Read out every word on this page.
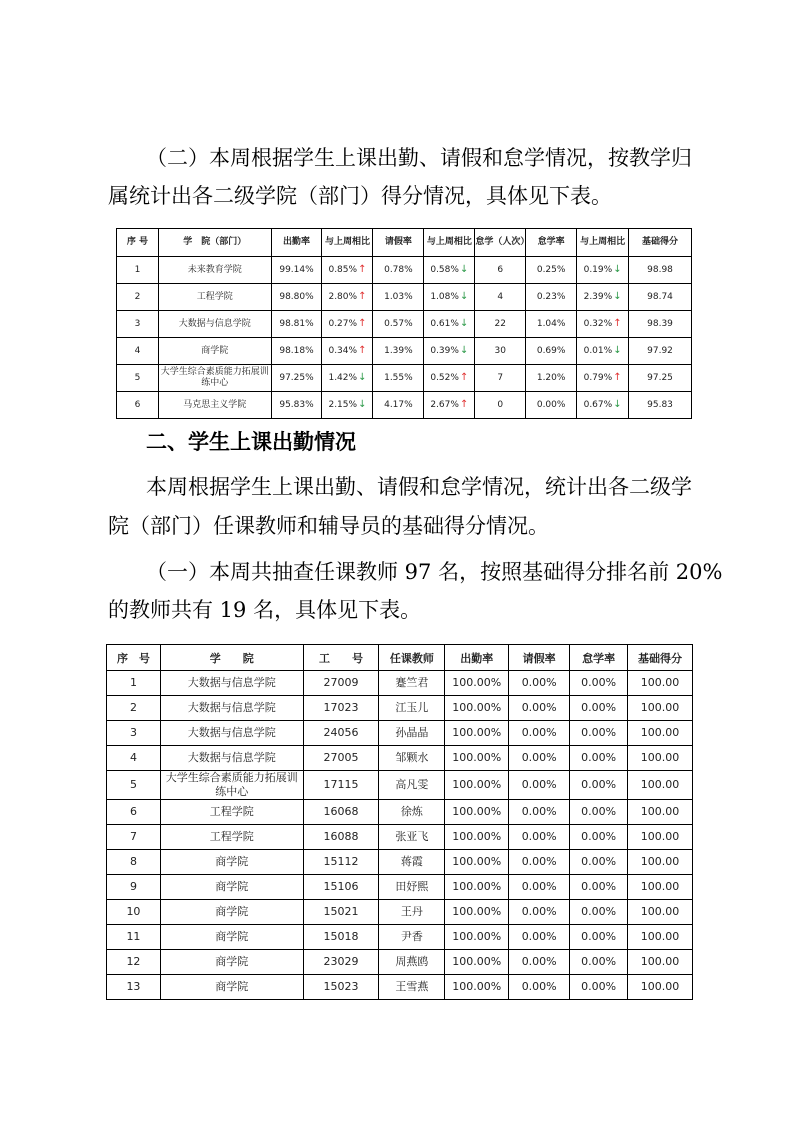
（二）本周根据学生上课出勤、请假和怠学情况，按教学归
属统计出各二级学院（部门）得分情况，具体见下表。
序 号	学　院（部门）	出勤率	与上周相比	请假率	与上周相比	怠学（人次）	怠学率	与上周相比	基础得分
1	未来教育学院	99.14%	0.85%↑	0.78%	0.58%↓	6	0.25%	0.19%↓	98.98
2	工程学院	98.80%	2.80%↑	1.03%	1.08%↓	4	0.23%	2.39%↓	98.74
3	大数据与信息学院	98.81%	0.27%↑	0.57%	0.61%↓	22	1.04%	0.32%↑	98.39
4	商学院	98.18%	0.34%↑	1.39%	0.39%↓	30	0.69%	0.01%↓	97.92
5	大学生综合素质能力拓展训练中心	97.25%	1.42%↓	1.55%	0.52%↑	7	1.20%	0.79%↑	97.25
6	马克思主义学院	95.83%	2.15%↓	4.17%	2.67%↑	0	0.00%	0.67%↓	95.83
二、学生上课出勤情况
本周根据学生上课出勤、请假和怠学情况，统计出各二级学
院（部门）任课教师和辅导员的基础得分情况。
（一）本周共抽查任课教师 97 名，按照基础得分排名前 20%
的教师共有 19 名，具体见下表。
序　号	学　　院	工　　号	任课教师	出勤率	请假率	怠学率	基础得分
1	大数据与信息学院	27009	蹇竺君	100.00%	0.00%	0.00%	100.00
2	大数据与信息学院	17023	江玉儿	100.00%	0.00%	0.00%	100.00
3	大数据与信息学院	24056	孙晶晶	100.00%	0.00%	0.00%	100.00
4	大数据与信息学院	27005	邹颗水	100.00%	0.00%	0.00%	100.00
5	大学生综合素质能力拓展训练中心	17115	高凡雯	100.00%	0.00%	0.00%	100.00
6	工程学院	16068	徐炼	100.00%	0.00%	0.00%	100.00
7	工程学院	16088	张亚飞	100.00%	0.00%	0.00%	100.00
8	商学院	15112	蒋霞	100.00%	0.00%	0.00%	100.00
9	商学院	15106	田妤熙	100.00%	0.00%	0.00%	100.00
10	商学院	15021	王丹	100.00%	0.00%	0.00%	100.00
11	商学院	15018	尹香	100.00%	0.00%	0.00%	100.00
12	商学院	23029	周燕鸥	100.00%	0.00%	0.00%	100.00
13	商学院	15023	王雪燕	100.00%	0.00%	0.00%	100.00
